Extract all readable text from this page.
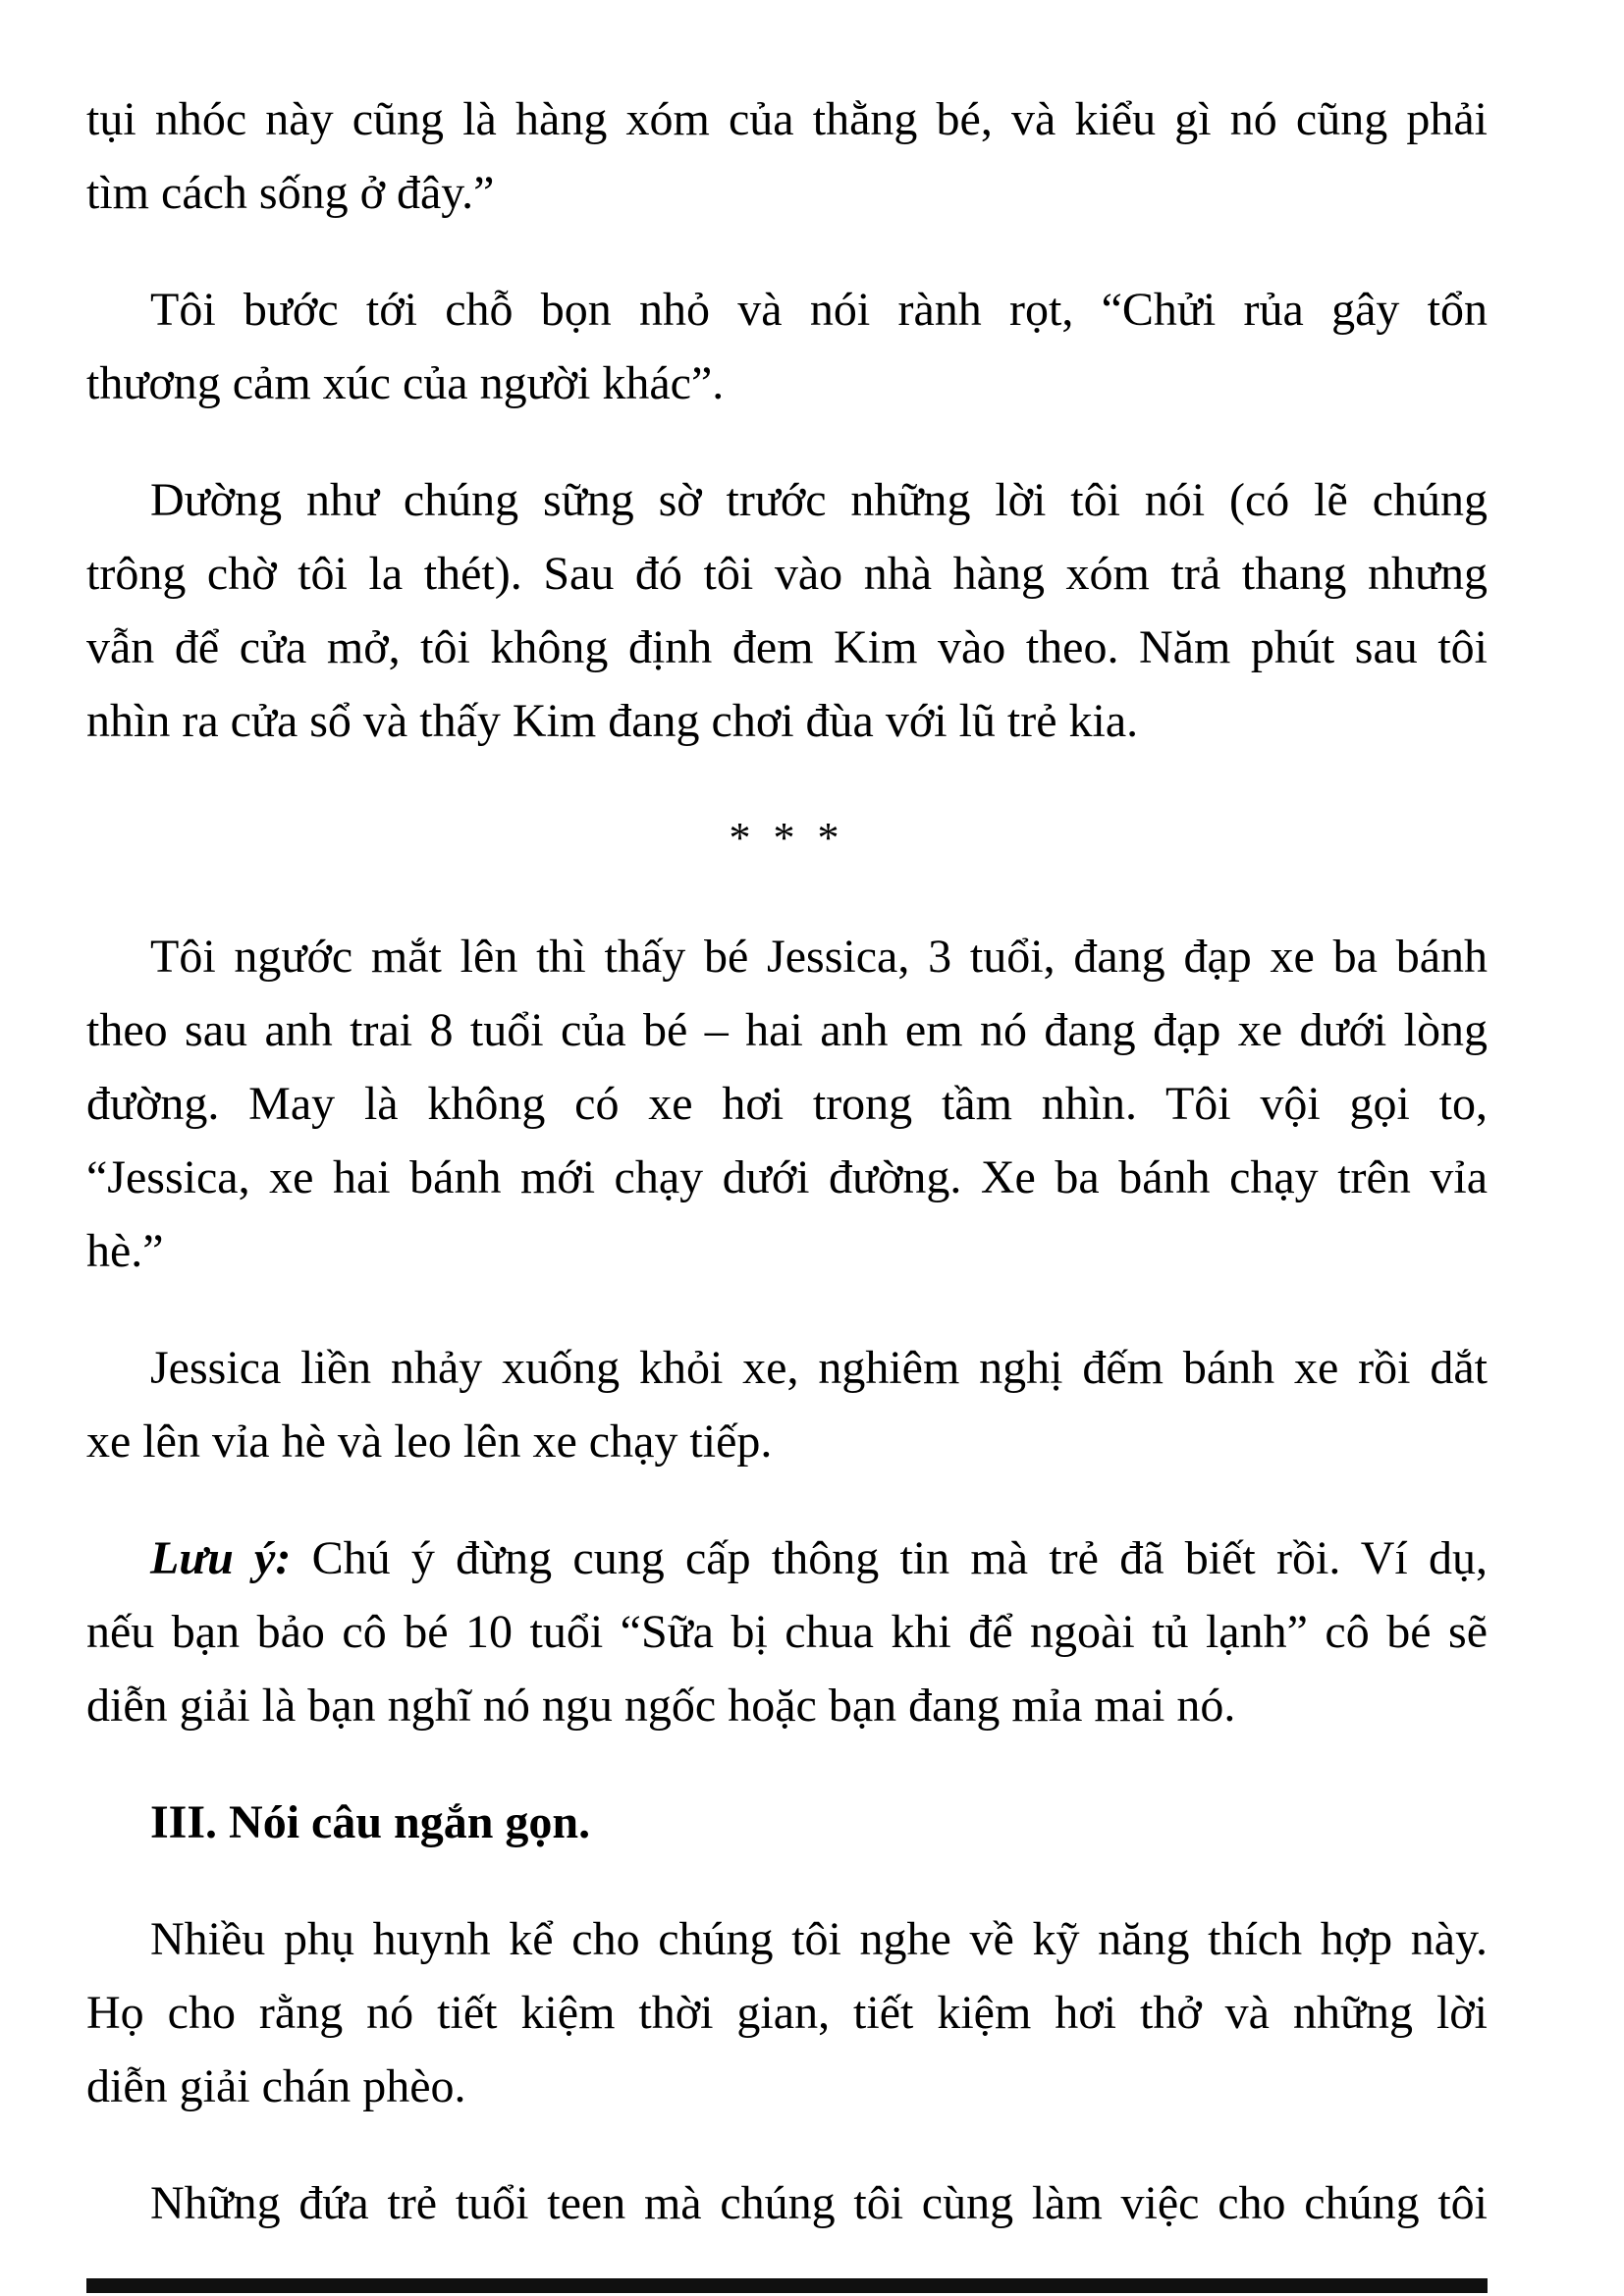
tụi nhóc này cũng là hàng xóm của thằng bé, và kiểu gì nó cũng phải
tìm cách sống ở đây.”
Tôi bước tới chỗ bọn nhỏ và nói rành rọt, “Chửi rủa gây tổn
thương cảm xúc của người khác”.
Dường như chúng sững sờ trước những lời tôi nói (có lẽ chúng
trông chờ tôi la thét). Sau đó tôi vào nhà hàng xóm trả thang nhưng
vẫn để cửa mở, tôi không định đem Kim vào theo. Năm phút sau tôi
nhìn ra cửa sổ và thấy Kim đang chơi đùa với lũ trẻ kia.
* * *
Tôi ngước mắt lên thì thấy bé Jessica, 3 tuổi, đang đạp xe ba bánh
theo sau anh trai 8 tuổi của bé – hai anh em nó đang đạp xe dưới lòng
đường. May là không có xe hơi trong tầm nhìn. Tôi vội gọi to,
“Jessica, xe hai bánh mới chạy dưới đường. Xe ba bánh chạy trên vỉa
hè.”
Jessica liền nhảy xuống khỏi xe, nghiêm nghị đếm bánh xe rồi dắt
xe lên vỉa hè và leo lên xe chạy tiếp.
Lưu ý: Chú ý đừng cung cấp thông tin mà trẻ đã biết rồi. Ví dụ,
nếu bạn bảo cô bé 10 tuổi “Sữa bị chua khi để ngoài tủ lạnh” cô bé sẽ
diễn giải là bạn nghĩ nó ngu ngốc hoặc bạn đang mỉa mai nó.
III. Nói câu ngắn gọn.
Nhiều phụ huynh kể cho chúng tôi nghe về kỹ năng thích hợp này.
Họ cho rằng nó tiết kiệm thời gian, tiết kiệm hơi thở và những lời
diễn giải chán phèo.
Những đứa trẻ tuổi teen mà chúng tôi cùng làm việc cho chúng tôi
